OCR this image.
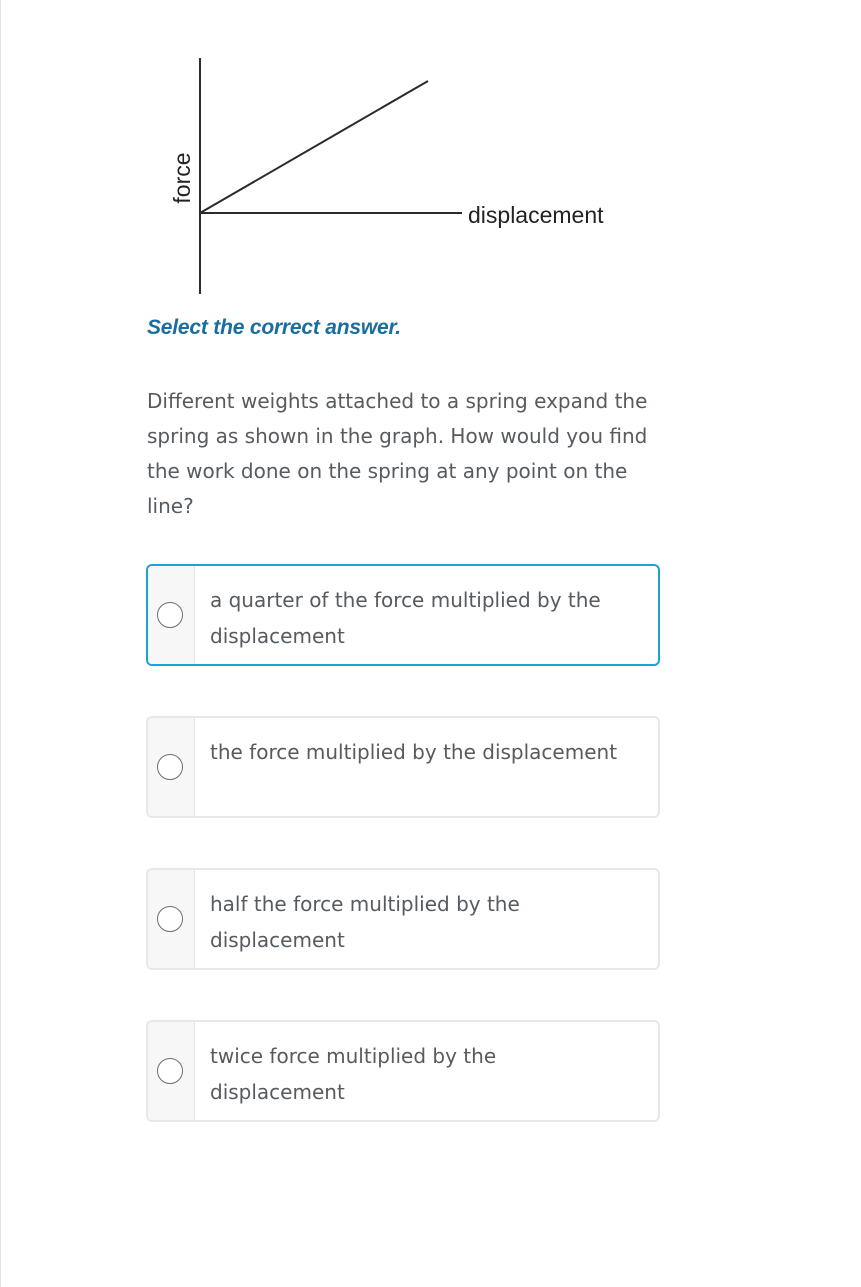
force
displacement

Select the correct answer.

Different weights attached to a spring expand the spring as shown in the graph. How would you find the work done on the spring at any point on the line?

a quarter of the force multiplied by the displacement
the force multiplied by the displacement
half the force multiplied by the displacement
twice force multiplied by the displacement
